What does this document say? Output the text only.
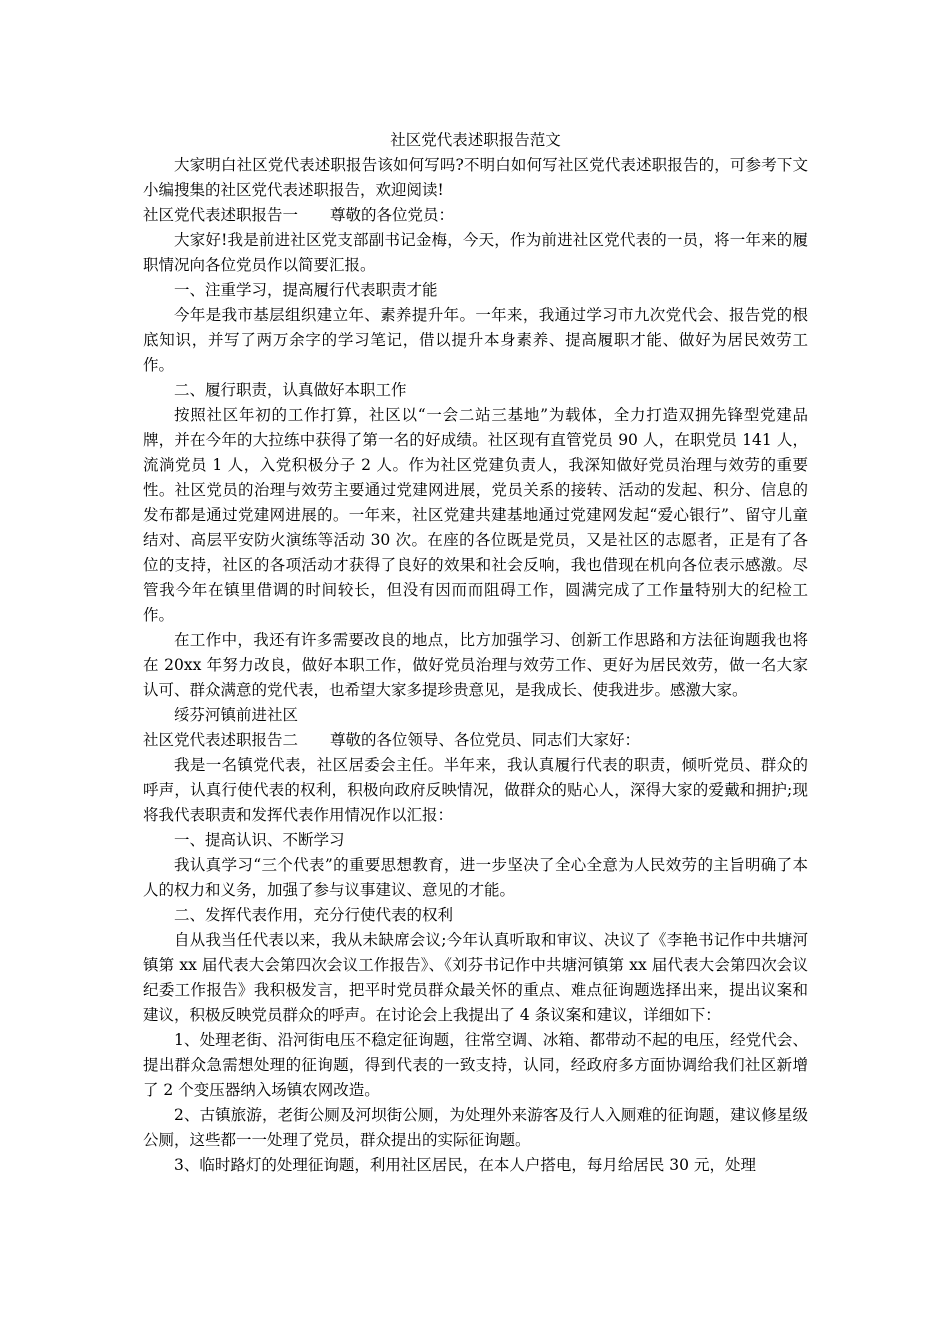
社区党代表述职报告范文

大家明白社区党代表述职报告该如何写吗?不明白如何写社区党代表述职报告的，可参考下文小编搜集的社区党代表述职报告，欢迎阅读!

社区党代表述职报告一 尊敬的各位党员：

大家好!我是前进社区党支部副书记金梅，今天，作为前进社区党代表的一员，将一年来的履职情况向各位党员作以简要汇报。

一、注重学习，提高履行代表职责才能

今年是我市基层组织建立年、素养提升年。一年来，我通过学习市九次党代会、报告党的根底知识，并写了两万余字的学习笔记，借以提升本身素养、提高履职才能、做好为居民效劳工作。

二、履行职责，认真做好本职工作

按照社区年初的工作打算，社区以“一会二站三基地”为载体，全力打造双拥先锋型党建品牌，并在今年的大拉练中获得了第一名的好成绩。社区现有直管党员 90 人，在职党员 141 人，流淌党员 1 人，入党积极分子 2 人。作为社区党建负责人，我深知做好党员治理与效劳的重要性。社区党员的治理与效劳主要通过党建网进展，党员关系的接转、活动的发起、积分、信息的发布都是通过党建网进展的。一年来，社区党建共建基地通过党建网发起“爱心银行”、留守儿童结对、高层平安防火演练等活动 30 次。在座的各位既是党员，又是社区的志愿者，正是有了各位的支持，社区的各项活动才获得了良好的效果和社会反响，我也借现在机向各位表示感激。尽管我今年在镇里借调的时间较长，但没有因而而阻碍工作，圆满完成了工作量特别大的纪检工作。

在工作中，我还有许多需要改良的地点，比方加强学习、创新工作思路和方法征询题我也将在 20xx 年努力改良，做好本职工作，做好党员治理与效劳工作、更好为居民效劳，做一名大家认可、群众满意的党代表，也希望大家多提珍贵意见，是我成长、使我进步。感激大家。

绥芬河镇前进社区

社区党代表述职报告二 尊敬的各位领导、各位党员、同志们大家好：

我是一名镇党代表，社区居委会主任。半年来，我认真履行代表的职责，倾听党员、群众的呼声，认真行使代表的权利，积极向政府反映情况，做群众的贴心人，深得大家的爱戴和拥护;现将我代表职责和发挥代表作用情况作以汇报：

一、提高认识、不断学习

我认真学习“三个代表”的重要思想教育，进一步坚决了全心全意为人民效劳的主旨明确了本人的权力和义务，加强了参与议事建议、意见的才能。

二、发挥代表作用，充分行使代表的权利

自从我当任代表以来，我从未缺席会议;今年认真听取和审议、决议了《李艳书记作中共塘河镇第 xx 届代表大会第四次会议工作报告》、《刘芬书记作中共塘河镇第 xx 届代表大会第四次会议纪委工作报告》我积极发言，把平时党员群众最关怀的重点、难点征询题选择出来，提出议案和建议，积极反映党员群众的呼声。在讨论会上我提出了 4 条议案和建议，详细如下：

1、处理老街、沿河街电压不稳定征询题，往常空调、冰箱、都带动不起的电压，经党代会、提出群众急需想处理的征询题，得到代表的一致支持，认同，经政府多方面协调给我们社区新增了 2 个变压器纳入场镇农网改造。

2、古镇旅游，老街公厕及河坝街公厕，为处理外来游客及行人入厕难的征询题，建议修星级公厕，这些都一一处理了党员，群众提出的实际征询题。

3、临时路灯的处理征询题，利用社区居民，在本人户搭电，每月给居民 30 元，处理
